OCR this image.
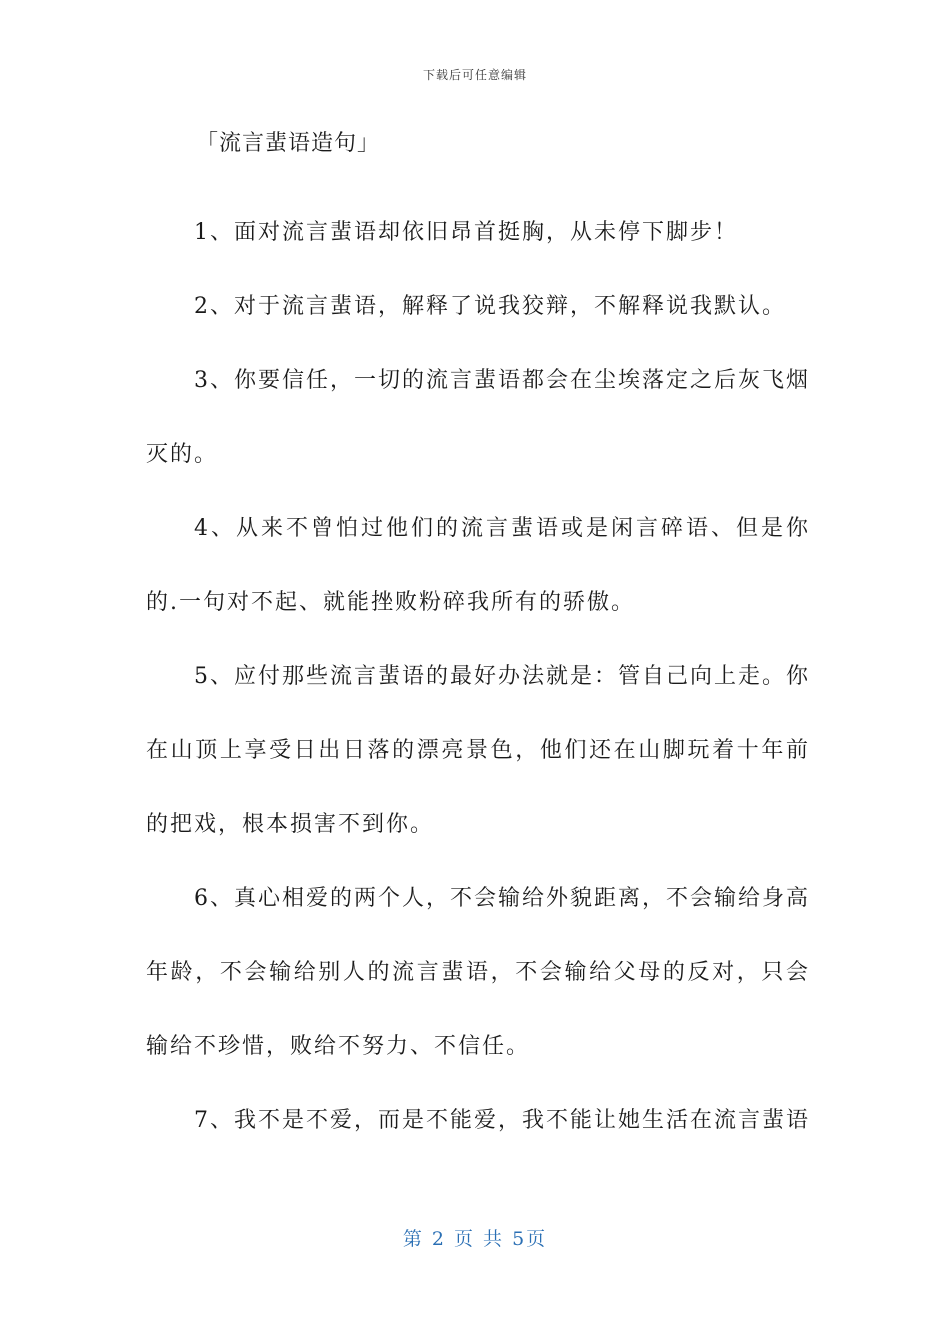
下载后可任意编辑
「流言蜚语造句」

1、面对流言蜚语却依旧昂首挺胸，从未停下脚步！

2、对于流言蜚语，解释了说我狡辩，不解释说我默认。

3、你要信任，一切的流言蜚语都会在尘埃落定之后灰飞烟灭的。

4、从来不曾怕过他们的流言蜚语或是闲言碎语、但是你的.一句对不起、就能挫败粉碎我所有的骄傲。

5、应付那些流言蜚语的最好办法就是：管自己向上走。你在山顶上享受日出日落的漂亮景色，他们还在山脚玩着十年前的把戏，根本损害不到你。

6、真心相爱的两个人，不会输给外貌距离，不会输给身高年龄，不会输给别人的流言蜚语，不会输给父母的反对，只会输给不珍惜，败给不努力、不信任。

7、我不是不爱，而是不能爱，我不能让她生活在流言蜚语

第 2 页 共 5页
